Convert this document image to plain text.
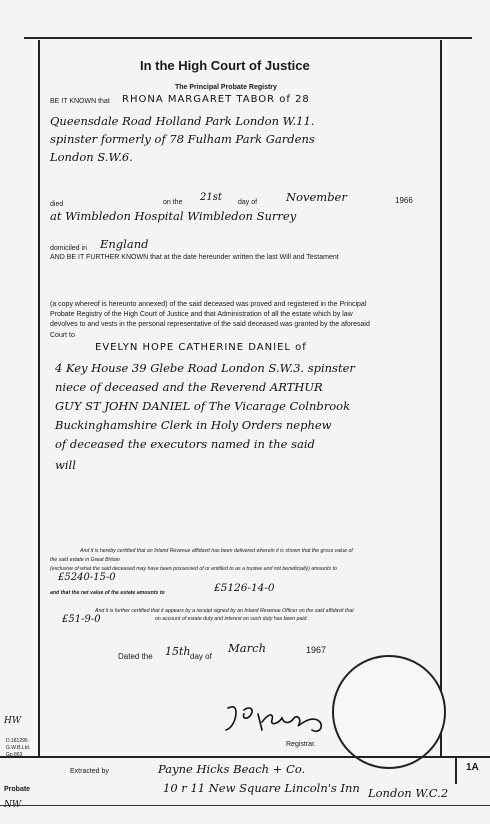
In the High Court of Justice
The Principal Probate Registry
BE IT KNOWN that RHONA MARGARET TABOR of 28
Queensdale Road Holland Park London W.11.
spinster formerly of 78 Fulham Park Gardens
London S.W.6.
died	on the 21st day of	November	1966
at Wimbledon Hospital Wimbledon Surrey
domiciled in England
AND BE IT FURTHER KNOWN that at the date hereunder written the last Will and Testament
(a copy whereof is hereunto annexed) of the said deceased was proved and registered in the Principal
Probate Registry of the High Court of Justice and that Administration of all the estate which by law
devolves to and vests in the personal representative of the said deceased was granted by the aforesaid
Court to
EVELYN HOPE CATHERINE DANIEL of
4 Key House 39 Glebe Road London S.W.3. spinster
niece of deceased and the Reverend ARTHUR
GUY ST JOHN DANIEL of The Vicarage Colnbrook
Buckinghamshire Clerk in Holy Orders nephew
of deceased the executors named in the said
will
And it is hereby certified that an Inland Revenue affidavit has been delivered wherein it is shown that the gross value of
the said estate in Great Britain
(exclusive of what the said deceased may have been possessed of or entitled to as a trustee and not beneficially) amounts to
£5240-15-0
and that the net value of the estate amounts to	£5126-14-0
And it is further certified that it appears by a receipt signed by an Inland Revenue Officer on the said affidavit that
on account of estate duty and interest on such duty has been paid.
£51-9-0
Dated the 15th day of
March	1967
Registrar.
D.181295
G.W.B.Ltd.
Gp.863
HW
NW
Probate
Extracted by	Payne Hicks Beach + Co.
10 r 11 New Square Lincoln's Inn London W.C.2
1A
